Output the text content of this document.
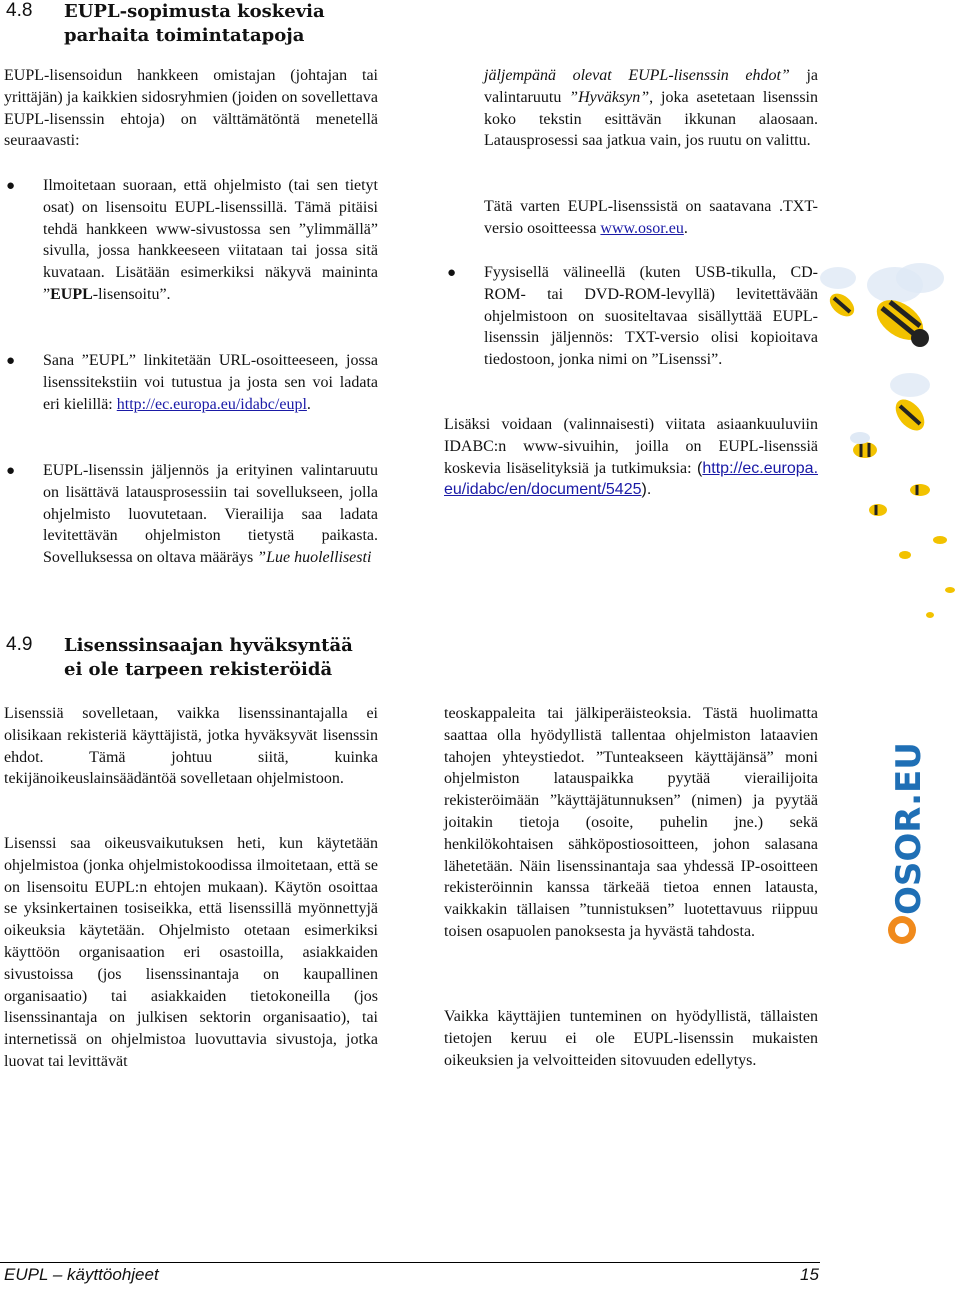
4.8 EUPL-sopimusta koskevia
parhaita toimintatapoja

EUPL-lisensoidun hankkeen omistajan (johtajan tai yrittäjän) ja kaikkien sidosryhmien (joiden on sovellettava EUPL-lisenssin ehtoja) on välttämätöntä menetellä seuraavasti:

● Ilmoitetaan suoraan, että ohjelmisto (tai sen tietyt osat) on lisensoitu EUPL-lisenssillä. Tämä pitäisi tehdä hankkeen www-sivustossa sen ”ylimmällä” sivulla, jossa hankkeeseen viitataan tai jossa sitä kuvataan. Lisätään esimerkiksi näkyvä maininta ”EUPL-lisensoitu”.

● Sana ”EUPL” linkitetään URL-osoitteeseen, jossa lisenssitekstiin voi tutustua ja josta sen voi ladata eri kielillä: http://ec.europa.eu/idabc/eupl.

● EUPL-lisenssin jäljennös ja erityinen valintaruutu on lisättävä latausprosessiin tai sovellukseen, jolla ohjelmisto luovutetaan. Vierailija saa ladata levitettävän ohjelmiston tietystä paikasta. Sovelluksessa on oltava määräys ”Lue huolellisesti

jäljempänä olevat EUPL-lisenssin ehdot” ja valintaruutu ”Hyväksyn”, joka asetetaan lisenssin koko tekstin esittävän ikkunan alaosaan. Latausprosessi saa jatkua vain, jos ruutu on valittu.

Tätä varten EUPL-lisenssistä on saatavana .TXT-versio osoitteessa www.osor.eu.

● Fyysisellä välineellä (kuten USB-tikulla, CD-ROM- tai DVD-ROM-levyllä) levitettävään ohjelmistoon on suositeltavaa sisällyttää EUPL-lisenssin jäljennös: TXT-versio olisi kopioitava tiedostoon, jonka nimi on ”Lisenssi”.

Lisäksi voidaan (valinnaisesti) viitata asiaankuuluviin IDABC:n www-sivuihin, joilla on EUPL-lisenssiä koskevia lisäselityksiä ja tutkimuksia: (http://ec.europa.eu/idabc/en/document/5425).

4.9 Lisenssinsaajan hyväksyntää
ei ole tarpeen rekisteröidä

Lisenssiä sovelletaan, vaikka lisenssinantajalla ei olisikaan rekisteriä käyttäjistä, jotka hyväksyvät lisenssin ehdot. Tämä johtuu siitä, kuinka tekijänoikeuslainsäädäntöä sovelletaan ohjelmistoon.

Lisenssi saa oikeusvaikutuksen heti, kun käytetään ohjelmistoa (jonka ohjelmistokoodissa ilmoitetaan, että se on lisensoitu EUPL:n ehtojen mukaan). Käytön osoittaa se yksinkertainen tosiseikka, että lisenssillä myönnettyjä oikeuksia käytetään. Ohjelmisto otetaan esimerkiksi käyttöön organisaation eri osastoilla, asiakkaiden sivustoissa (jos lisenssinantaja on kaupallinen organisaatio) tai asiakkaiden tietokoneilla (jos lisenssinantaja on julkisen sektorin organisaatio), tai internetissä on ohjelmistoa luovuttavia sivustoja, jotka luovat tai levittävät

teoskappaleita tai jälkiperäisteoksia. Tästä huolimatta saattaa olla hyödyllistä tallentaa ohjelmiston lataavien tahojen yhteystiedot. ”Tunteakseen käyttäjänsä” moni ohjelmiston latauspaikka pyytää vierailijoita rekisteröimään ”käyttäjätunnuksen” (nimen) ja pyytää joitakin tietoja (osoite, puhelin jne.) sekä henkilökohtaisen sähköpostiosoitteen, johon salasana lähetetään. Näin lisenssinantaja saa yhdessä IP-osoitteen rekisteröinnin kanssa tärkeää tietoa ennen latausta, vaikkakin tällaisen ”tunnistuksen” luotettavuus riippuu toisen osapuolen panoksesta ja hyvästä tahdosta.

Vaikka käyttäjien tunteminen on hyödyllistä, tällaisten tietojen keruu ei ole EUPL-lisenssin mukaisten oikeuksien ja velvoitteiden sitovuuden edellytys.

OSOR.EU
EUPL – käyttöohjeet	15
